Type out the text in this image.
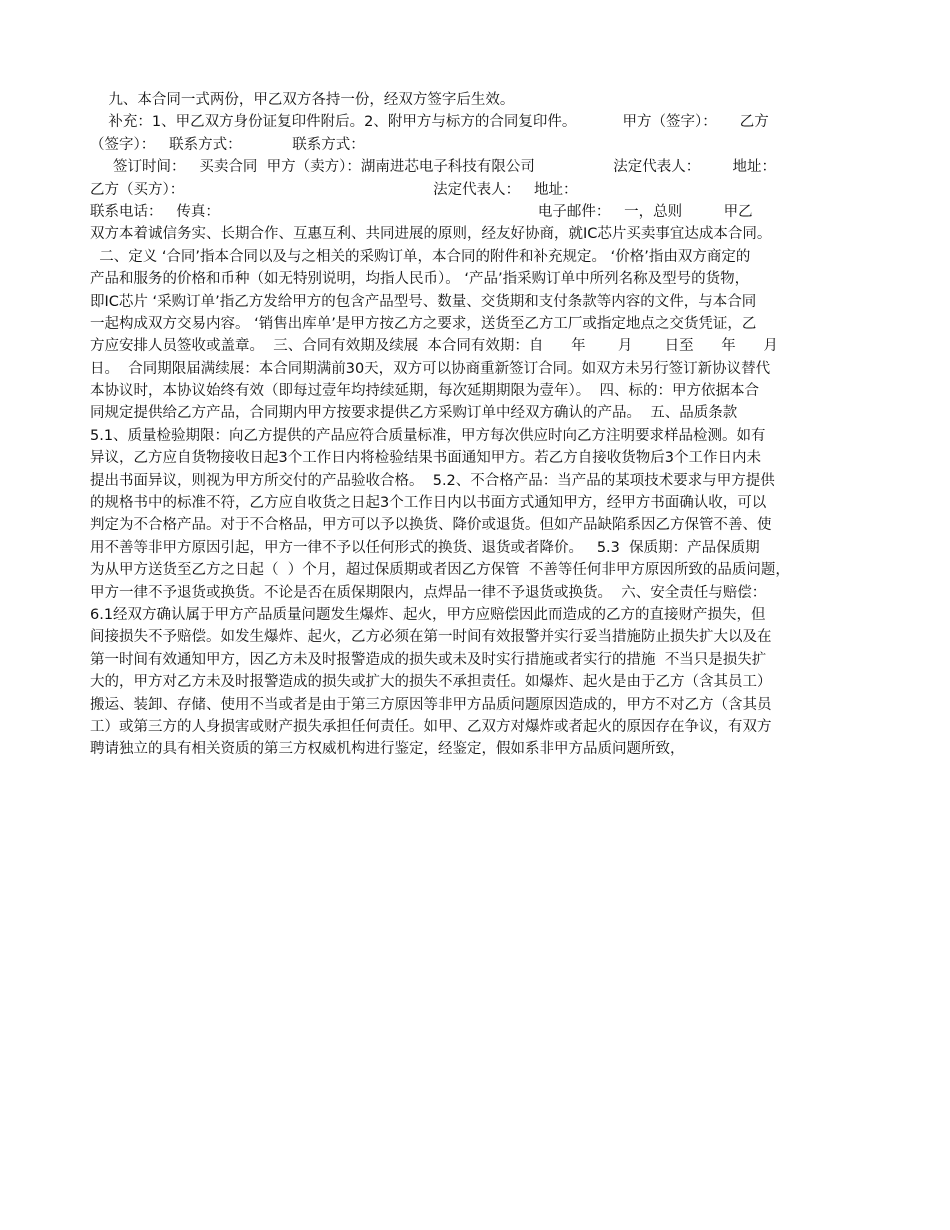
九、本合同一式两份，甲乙双方各持一份，经双方签字后生效。
补充：1、甲乙双方身份证复印件附后。2、附甲方与标方的合同复印件。          甲方（签字）：     乙方
（签字）：   联系方式：           联系方式：
签订时间：   买卖合同  甲方（卖方）：湖南进芯电子科技有限公司                 法定代表人：       地址：
乙方（买方）：                                                      法定代表人：   地址：
联系电话：   传真：                                                                     电子邮件：   一，总则         甲乙
双方本着诚信务实、长期合作、互惠互利、共同进展的原则，经友好协商，就IC芯片买卖事宜达成本合同。
二、定义 ‘合同’指本合同以及与之相关的采购订单，本合同的附件和补充规定。 ‘价格’指由双方商定的
产品和服务的价格和币种（如无特别说明，均指人民币）。 ‘产品’指采购订单中所列名称及型号的货物，
即IC芯片 ‘采购订单’指乙方发给甲方的包含产品型号、数量、交货期和支付条款等内容的文件，与本合同
一起构成双方交易内容。 ‘销售出库单’是甲方按乙方之要求，送货至乙方工厂或指定地点之交货凭证，乙
方应安排人员签收或盖章。  三、合同有效期及续展  本合同有效期：自      年       月       日至      年      月
日。  合同期限届满续展：本合同期满前30天，双方可以协商重新签订合同。如双方未另行签订新协议替代
本协议时，本协议始终有效（即每过壹年均持续延期，每次延期期限为壹年）。  四、标的：甲方依据本合
同规定提供给乙方产品，合同期内甲方按要求提供乙方采购订单中经双方确认的产品。  五、品质条款
5.1、质量检验期限：向乙方提供的产品应符合质量标准，甲方每次供应时向乙方注明要求样品检测。如有
异议，乙方应自货物接收日起3个工作日内将检验结果书面通知甲方。若乙方自接收货物后3个工作日内未
提出书面异议，则视为甲方所交付的产品验收合格。  5.2、不合格产品：当产品的某项技术要求与甲方提供
的规格书中的标准不符，乙方应自收货之日起3个工作日内以书面方式通知甲方，经甲方书面确认收，可以
判定为不合格产品。对于不合格品，甲方可以予以换货、降价或退货。但如产品缺陷系因乙方保管不善、使
用不善等非甲方原因引起，甲方一律不予以任何形式的换货、退货或者降价。   5.3  保质期：产品保质期
为从甲方送货至乙方之日起（  ）个月，超过保质期或者因乙方保管  不善等任何非甲方原因所致的品质问题，
甲方一律不予退货或换货。不论是否在质保期限内，点焊品一律不予退货或换货。  六、安全责任与赔偿：
6.1经双方确认属于甲方产品质量问题发生爆炸、起火，甲方应赔偿因此而造成的乙方的直接财产损失，但
间接损失不予赔偿。如发生爆炸、起火，乙方必须在第一时间有效报警并实行妥当措施防止损失扩大以及在
第一时间有效通知甲方，因乙方未及时报警造成的损失或未及时实行措施或者实行的措施  不当只是损失扩
大的，甲方对乙方未及时报警造成的损失或扩大的损失不承担责任。如爆炸、起火是由于乙方（含其员工）
搬运、装卸、存储、使用不当或者是由于第三方原因等非甲方品质问题原因造成的，甲方不对乙方（含其员
工）或第三方的人身损害或财产损失承担任何责任。如甲、乙双方对爆炸或者起火的原因存在争议，有双方
聘请独立的具有相关资质的第三方权威机构进行鉴定，经鉴定，假如系非甲方品质问题所致，
